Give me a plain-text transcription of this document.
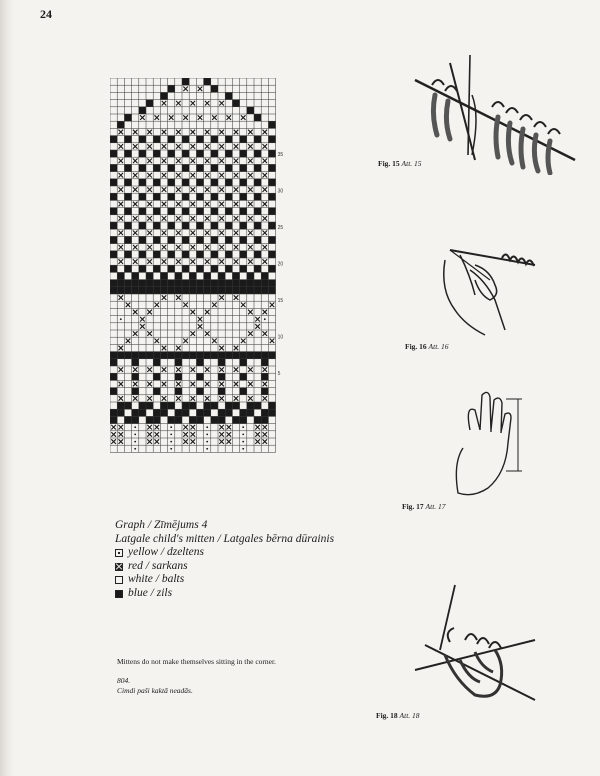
24
35
30
25
20
15
10
5
Graph / Zīmējums 4
Latgale child's mitten / Latgales bērna dūrainis
yellow / dzeltens
red / sarkans
white / balts
blue / zils
Mittens do not make themselves sitting in the corner.
804.
Cimdi paši kaktā neadās.
Fig. 15 Att. 15
Fig. 16 Att. 16
Fig. 17 Att. 17
Fig. 18 Att. 18
